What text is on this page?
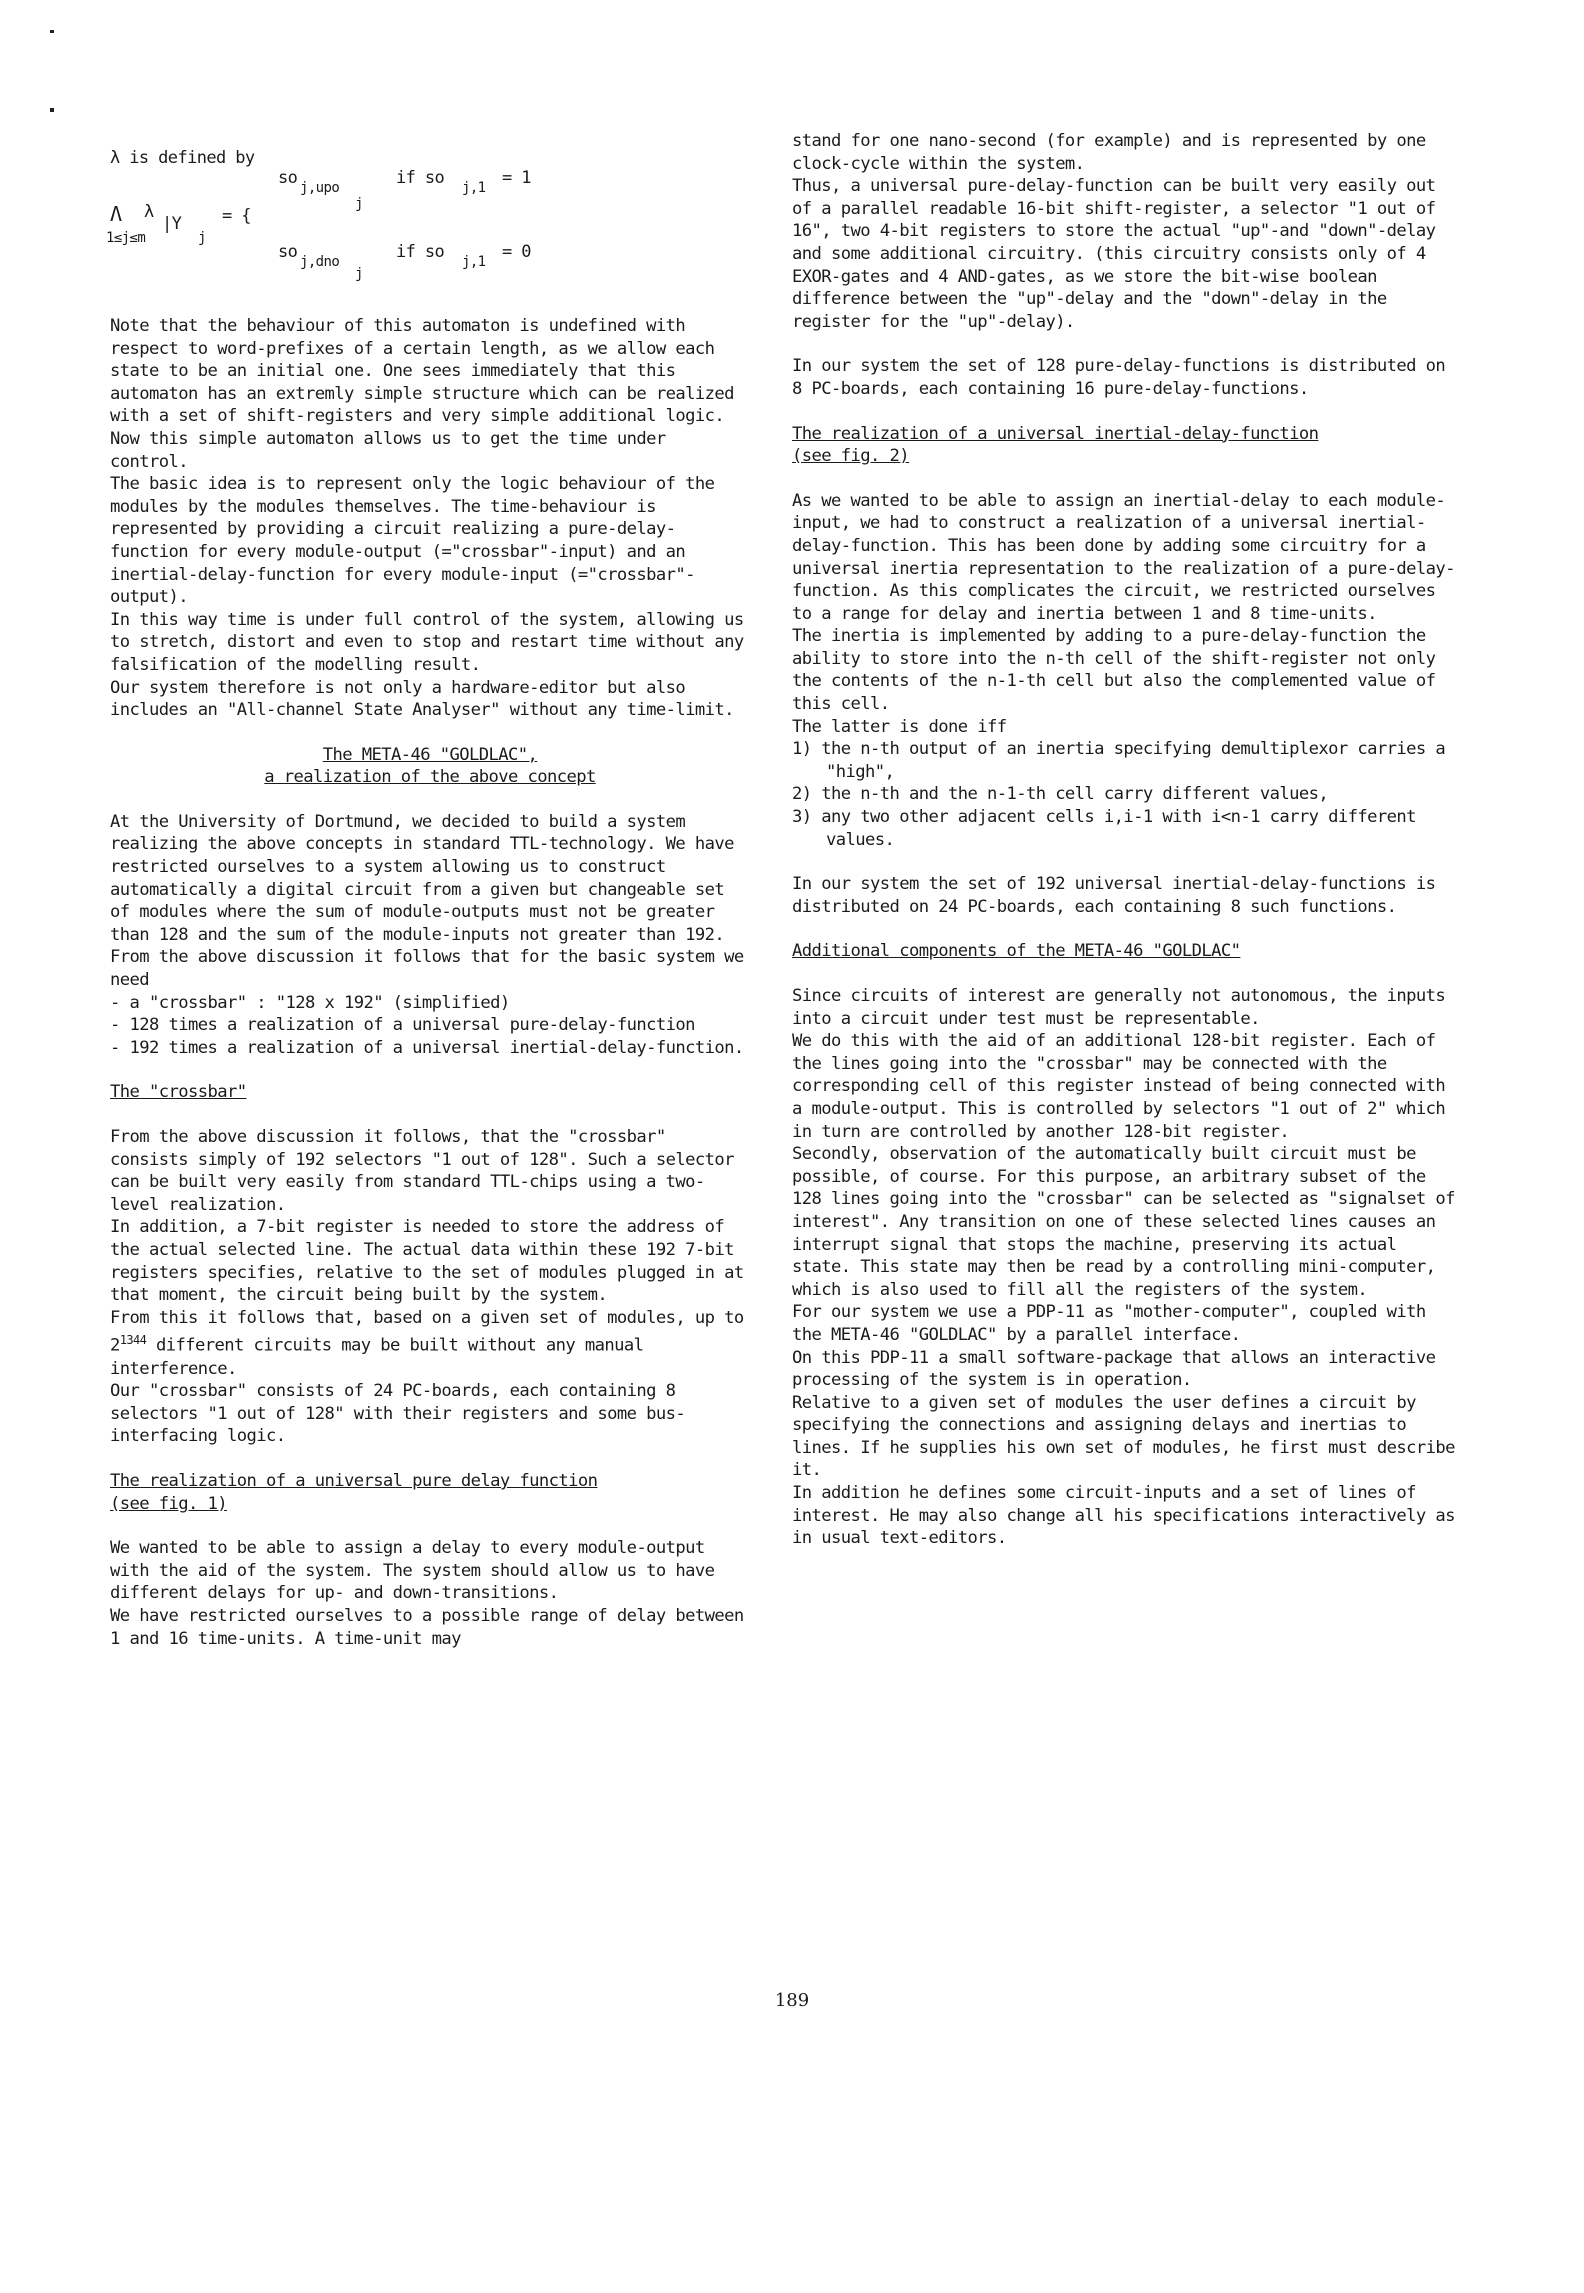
λ is defined by
Λ
1≤j≤m
λ
|Y
j
= {
so j,upo
j
if so j,1 = 1
so j,dno
j
if so j,1 = 0

Note that the behaviour of this automaton is undefined with respect to word-prefixes of a certain length, as we allow each state to be an initial one. One sees immediately that this automaton has an extremly simple structure which can be realized with a set of shift-registers and very simple additional logic.

Now this simple automaton allows us to get the time under control.

The basic idea is to represent only the logic behaviour of the modules by the modules themselves. The time-behaviour is represented by providing a circuit realizing a pure-delay-function for every module-output (="crossbar"-input) and an inertial-delay-function for every module-input (="crossbar"-output).

In this way time is under full control of the system, allowing us to stretch, distort and even to stop and restart time without any falsification of the modelling result.

Our system therefore is not only a hardware-editor but also includes an "All-channel State Analyser" without any time-limit.

The META-46 "GOLDLAC",

a realization of the above concept

At the University of Dortmund, we decided to build a system realizing the above concepts in standard TTL-technology. We have restricted ourselves to a system allowing us to construct automatically a digital circuit from a given but changeable set of modules where the sum of module-outputs must not be greater than 128 and the sum of the module-inputs not greater than 192.

From the above discussion it follows that for the basic system we need

- a "crossbar" : "128 x 192" (simplified)
- 128 times a realization of a universal pure-delay-function
- 192 times a realization of a universal inertial-delay-function.

The "crossbar"

From the above discussion it follows, that the "crossbar" consists simply of 192 selectors "1 out of 128". Such a selector can be built very easily from standard TTL-chips using a two-level realization.

In addition, a 7-bit register is needed to store the address of the actual selected line. The actual data within these 192 7-bit registers specifies, relative to the set of modules plugged in at that moment, the circuit being built by the system.

From this it follows that, based on a given set of modules, up to $2^{1344}$ different circuits may be built without any manual interference.

Our "crossbar" consists of 24 PC-boards, each containing 8 selectors "1 out of 128" with their registers and some bus-interfacing logic.

The realization of a universal pure delay function

(see fig. 1)

We wanted to be able to assign a delay to every module-output with the aid of the system. The system should allow us to have different delays for up- and down-transitions.

We have restricted ourselves to a possible range of delay between 1 and 16 time-units. A time-unit may

stand for one nano-second (for example) and is represented by one clock-cycle within the system.

Thus, a universal pure-delay-function can be built very easily out of a parallel readable 16-bit shift-register, a selector "1 out of 16", two 4-bit registers to store the actual "up"-and "down"-delay and some additional circuitry. (this circuitry consists only of 4 EXOR-gates and 4 AND-gates, as we store the bit-wise boolean difference between the "up"-delay and the "down"-delay in the register for the "up"-delay).

In our system the set of 128 pure-delay-functions is distributed on 8 PC-boards, each containing 16 pure-delay-functions.

The realization of a universal inertial-delay-function

(see fig. 2)

As we wanted to be able to assign an inertial-delay to each module-input, we had to construct a realization of a universal inertial-delay-function. This has been done by adding some circuitry for a universal inertia representation to the realization of a pure-delay-function. As this complicates the circuit, we restricted ourselves to a range for delay and inertia between 1 and 8 time-units.

The inertia is implemented by adding to a pure-delay-function the ability to store into the n-th cell of the shift-register not only the contents of the n-1-th cell but also the complemented value of this cell.

The latter is done iff

1) the n-th output of an inertia specifying demultiplexor carries a "high",
2) the n-th and the n-1-th cell carry different values,
3) any two other adjacent cells i,i-1 with i<n-1 carry different values.

In our system the set of 192 universal inertial-delay-functions is distributed on 24 PC-boards, each containing 8 such functions.

Additional components of the META-46 "GOLDLAC"

Since circuits of interest are generally not autonomous, the inputs into a circuit under test must be representable.

We do this with the aid of an additional 128-bit register. Each of the lines going into the "crossbar" may be connected with the corresponding cell of this register instead of being connected with a module-output. This is controlled by selectors "1 out of 2" which in turn are controlled by another 128-bit register.

Secondly, observation of the automatically built circuit must be possible, of course. For this purpose, an arbitrary subset of the 128 lines going into the "crossbar" can be selected as "signalset of interest". Any transition on one of these selected lines causes an interrupt signal that stops the machine, preserving its actual state. This state may then be read by a controlling mini-computer, which is also used to fill all the registers of the system.

For our system we use a PDP-11 as "mother-computer", coupled with the META-46 "GOLDLAC" by a parallel interface.

On this PDP-11 a small software-package that allows an interactive processing of the system is in operation.

Relative to a given set of modules the user defines a circuit by specifying the connections and assigning delays and inertias to lines. If he supplies his own set of modules, he first must describe it.

In addition he defines some circuit-inputs and a set of lines of interest. He may also change all his specifications interactively as in usual text-editors.

189
